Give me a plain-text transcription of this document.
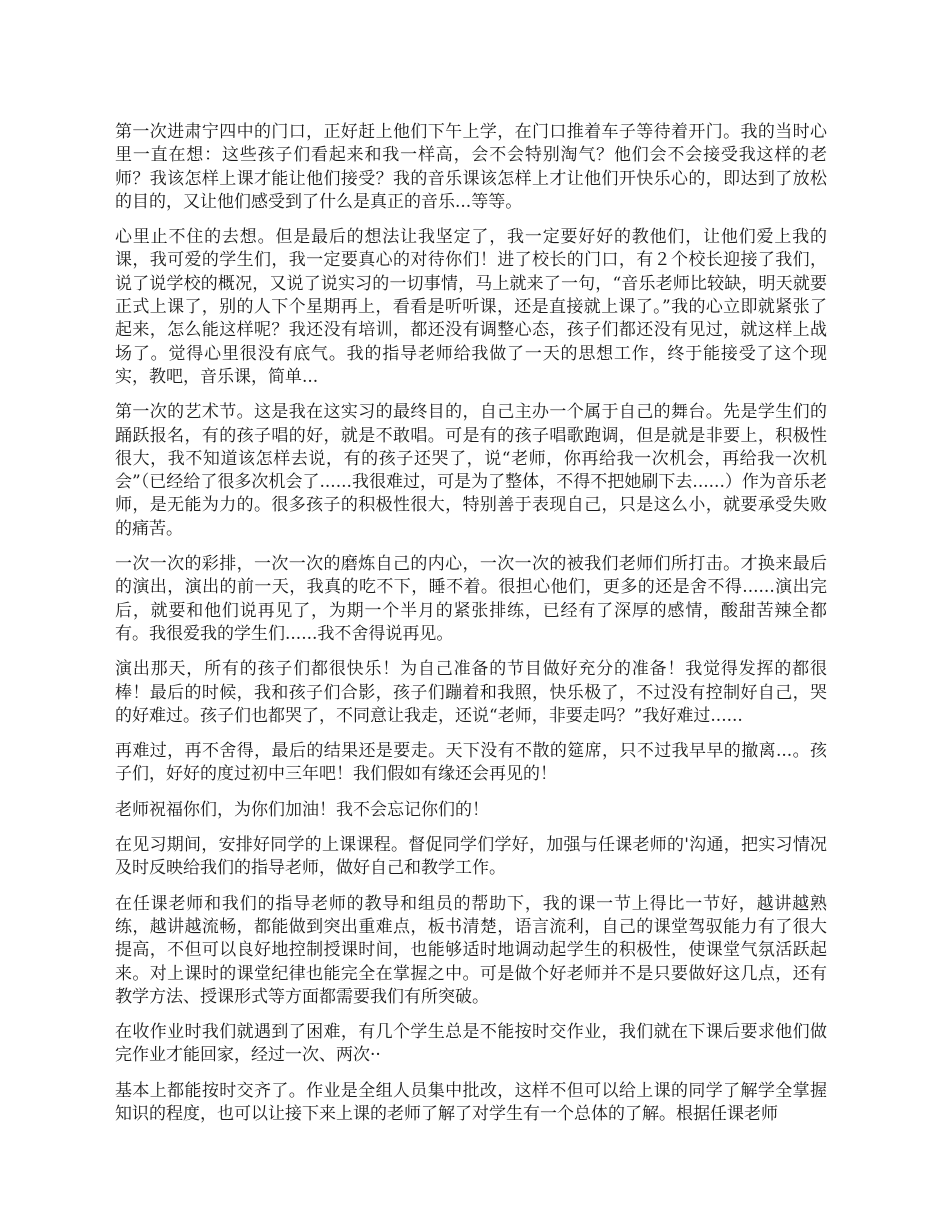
第一次进肃宁四中的门口，正好赶上他们下午上学，在门口推着车子等待着开门。我的当时心里一直在想：这些孩子们看起来和我一样高，会不会特别淘气？他们会不会接受我这样的老师？我该怎样上课才能让他们接受？我的音乐课该怎样上才让他们开快乐心的，即达到了放松的目的，又让他们感受到了什么是真正的音乐...等等。

心里止不住的去想。但是最后的想法让我坚定了，我一定要好好的教他们，让他们爱上我的课，我可爱的学生们，我一定要真心的对待你们！进了校长的门口，有２个校长迎接了我们，说了说学校的概况，又说了说实习的一切事情，马上就来了一句，“音乐老师比较缺，明天就要正式上课了，别的人下个星期再上，看看是听听课，还是直接就上课了。”我的心立即就紧张了起来，怎么能这样呢？我还没有培训，都还没有调整心态，孩子们都还没有见过，就这样上战场了。觉得心里很没有底气。我的指导老师给我做了一天的思想工作，终于能接受了这个现实，教吧，音乐课，简单...

第一次的艺术节。这是我在这实习的最终目的，自己主办一个属于自己的舞台。先是学生们的踊跃报名，有的孩子唱的好，就是不敢唱。可是有的孩子唱歌跑调，但是就是非要上，积极性很大，我不知道该怎样去说，有的孩子还哭了，说“老师，你再给我一次机会，再给我一次机会”（已经给了很多次机会了......我很难过，可是为了整体，不得不把她刷下去......）作为音乐老师，是无能为力的。很多孩子的积极性很大，特别善于表现自己，只是这么小，就要承受失败的痛苦。

一次一次的彩排，一次一次的磨炼自己的内心，一次一次的被我们老师们所打击。才换来最后的演出，演出的前一天，我真的吃不下，睡不着。很担心他们，更多的还是舍不得......演出完后，就要和他们说再见了，为期一个半月的紧张排练，已经有了深厚的感情，酸甜苦辣全都有。我很爱我的学生们......我不舍得说再见。

演出那天，所有的孩子们都很快乐！为自己准备的节目做好充分的准备！我觉得发挥的都很棒！最后的时候，我和孩子们合影，孩子们蹦着和我照，快乐极了，不过没有控制好自己，哭的好难过。孩子们也都哭了，不同意让我走，还说“老师，非要走吗？”我好难过......

再难过，再不舍得，最后的结果还是要走。天下没有不散的筵席，只不过我早早的撤离...。孩子们，好好的度过初中三年吧！我们假如有缘还会再见的！

老师祝福你们，为你们加油！我不会忘记你们的！

在见习期间，安排好同学的上课课程。督促同学们学好，加强与任课老师的'沟通，把实习情况及时反映给我们的指导老师，做好自己和教学工作。

在任课老师和我们的指导老师的教导和组员的帮助下，我的课一节上得比一节好，越讲越熟练，越讲越流畅，都能做到突出重难点，板书清楚，语言流利，自己的课堂驾驭能力有了很大提高，不但可以良好地控制授课时间，也能够适时地调动起学生的积极性，使课堂气氛活跃起来。对上课时的课堂纪律也能完全在掌握之中。可是做个好老师并不是只要做好这几点，还有教学方法、授课形式等方面都需要我们有所突破。

在收作业时我们就遇到了困难，有几个学生总是不能按时交作业，我们就在下课后要求他们做完作业才能回家，经过一次、两次··

基本上都能按时交齐了。作业是全组人员集中批改，这样不但可以给上课的同学了解学全掌握知识的程度，也可以让接下来上课的老师了解了对学生有一个总体的了解。根据任课老师
